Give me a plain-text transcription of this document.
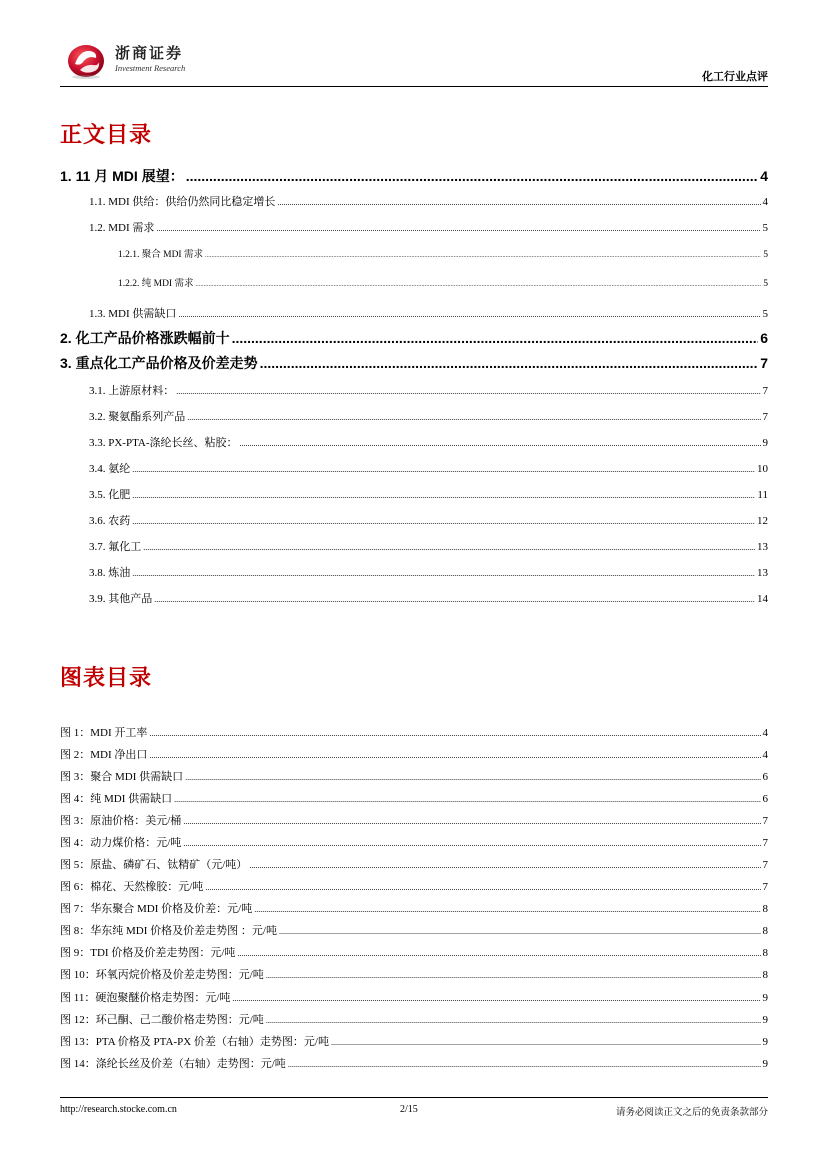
浙商证券
Investment Research
化工行业点评
正文目录
1. 11 月 MDI 展望： .....	4
1.1. MDI 供给：供给仍然同比稳定增长 .....	4
1.2. MDI 需求 .....	5
1.2.1. 聚合 MDI 需求 .....	5
1.2.2. 纯 MDI 需求 .....	5
1.3. MDI 供需缺口 .....	5
2. 化工产品价格涨跌幅前十 .....	6
3. 重点化工产品价格及价差走势 .....	7
3.1. 上游原材料： .....	7
3.2. 聚氨酯系列产品 .....	7
3.3. PX-PTA-涤纶长丝、粘胶： .....	9
3.4. 氨纶 .....	10
3.5. 化肥 .....	11
3.6. 农药 .....	12
3.7. 氟化工 .....	13
3.8. 炼油 .....	13
3.9. 其他产品 .....	14
图表目录
图 1：MDI 开工率 .....	4
图 2：MDI 净出口 .....	4
图 3：聚合 MDI 供需缺口 .....	6
图 4：纯 MDI 供需缺口 .....	6
图 3：原油价格：美元/桶 .....	7
图 4：动力煤价格：元/吨 .....	7
图 5：原盐、磷矿石、钛精矿（元/吨） .....	7
图 6：棉花、天然橡胶：元/吨 .....	7
图 7：华东聚合 MDI 价格及价差：元/吨 .....	8
图 8：华东纯 MDI 价格及价差走势图 ：元/吨 .....	8
图 9：TDI 价格及价差走势图：元/吨 .....	8
图 10：环氧丙烷价格及价差走势图：元/吨 .....	8
图 11：硬泡聚醚价格走势图：元/吨 .....	9
图 12：环己酮、己二酸价格走势图：元/吨 .....	9
图 13：PTA 价格及 PTA-PX 价差（右轴）走势图：元/吨 .....	9
图 14：涤纶长丝及价差（右轴）走势图：元/吨 .....	9
http://research.stocke.com.cn	2/15	请务必阅读正文之后的免责条款部分
